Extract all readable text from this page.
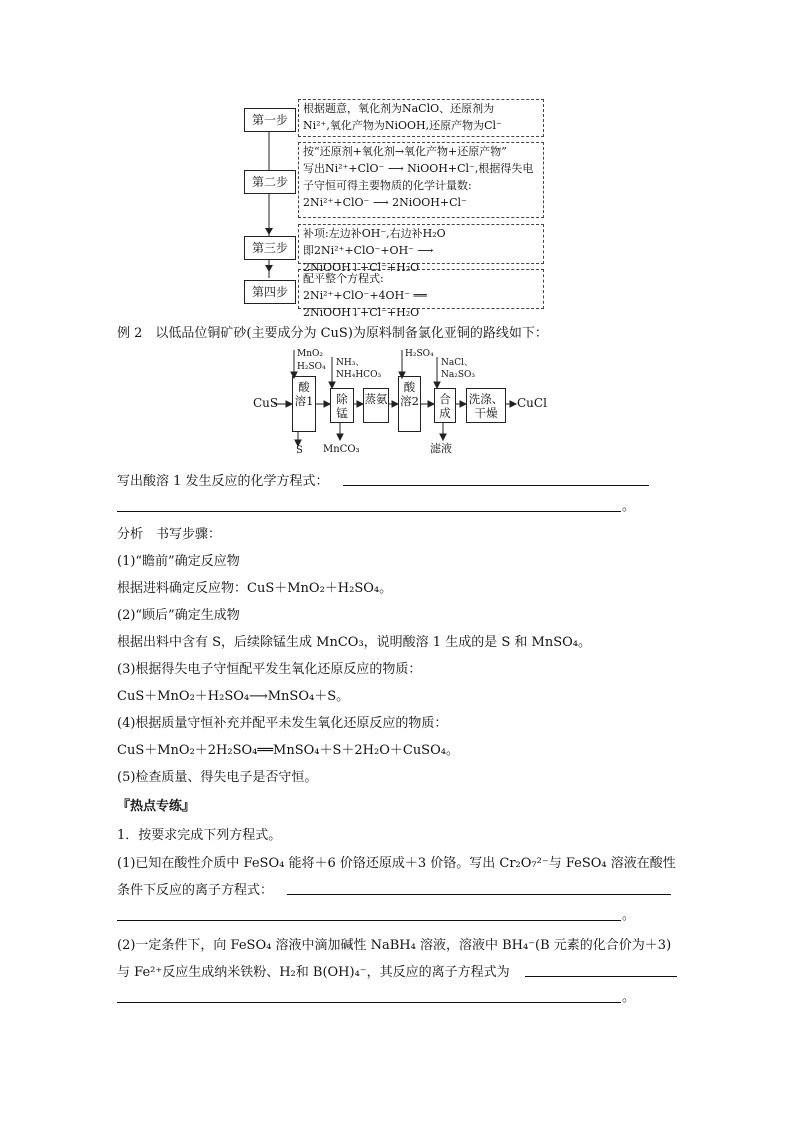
第一步
根据题意，氧化剂为NaClO、还原剂为
Ni²⁺,氧化产物为NiOOH,还原产物为Cl⁻
第二步
按“还原剂+氧化剂→氧化产物+还原产物”
写出Ni²⁺+ClO⁻ ⟶ NiOOH+Cl⁻,根据得失电
子守恒可得主要物质的化学计量数:
2Ni²⁺+ClO⁻ ⟶ 2NiOOH+Cl⁻
第三步
补项:左边补OH⁻,右边补H₂O
即2Ni²⁺+ClO⁻+OH⁻ ⟶ 2NiOOH↓+Cl⁻+H₂O
第四步
配平整个方程式:
2Ni²⁺+ClO⁻+4OH⁻ ══ 2NiOOH↓+Cl⁻+H₂O
例 2　以低品位铜矿砂(主要成分为 CuS)为原料制备氯化亚铜的路线如下：
CuS	CuCl
酸溶1	除锰
蒸氨
酸溶2	合成
洗涤、干燥
MnO₂
H₂SO₄ NH₃、
NH₄HCO₃
H₂SO₄
NaCl、
Na₂SO₃
S MnCO₃	滤液
写出酸溶 1 发生反应的化学方程式：
。
分析　书写步骤：
(1)“瞻前”确定反应物
根据进料确定反应物：CuS＋MnO₂＋H₂SO₄。
(2)“顾后”确定生成物
根据出料中含有 S，后续除锰生成 MnCO₃，说明酸溶 1 生成的是 S 和 MnSO₄。
(3)根据得失电子守恒配平发生氧化还原反应的物质：
CuS＋MnO₂＋H₂SO₄⟶MnSO₄＋S。
(4)根据质量守恒补充并配平未发生氧化还原反应的物质：
CuS＋MnO₂＋2H₂SO₄══MnSO₄＋S＋2H₂O＋CuSO₄。
(5)检查质量、得失电子是否守恒。
『热点专练』
1．按要求完成下列方程式。
(1)已知在酸性介质中 FeSO₄ 能将＋6 价铬还原成＋3 价铬。写出 Cr₂O₇²⁻与 FeSO₄ 溶液在酸性
条件下反应的离子方程式：
。
(2)一定条件下，向 FeSO₄ 溶液中滴加碱性 NaBH₄ 溶液，溶液中 BH₄⁻(B 元素的化合价为＋3)
与 Fe²⁺反应生成纳米铁粉、H₂和 B(OH)₄⁻，其反应的离子方程式为
。
